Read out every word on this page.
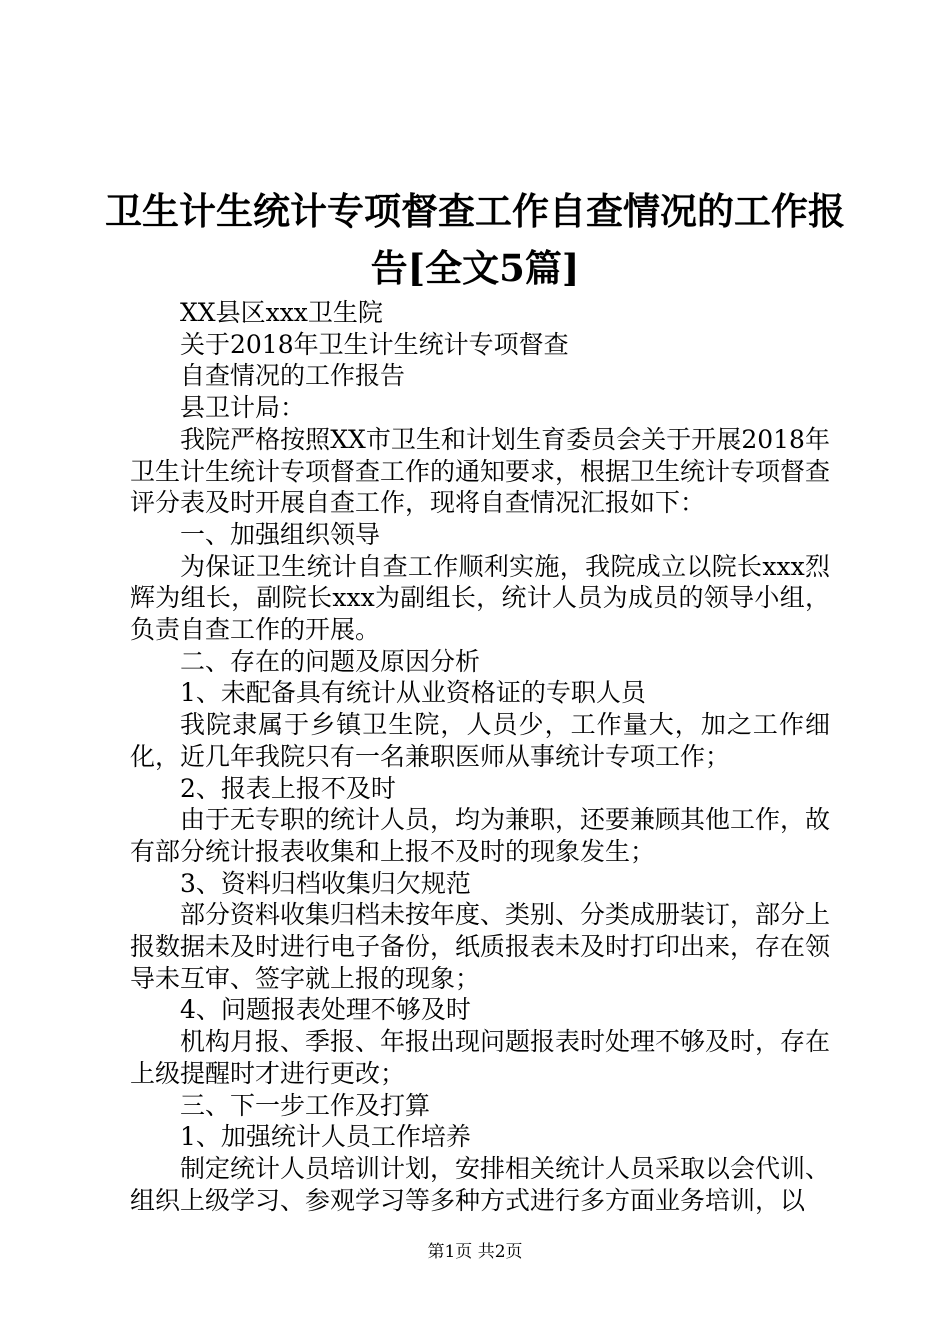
卫生计生统计专项督查工作自查情况的工作报
告[全文5篇]

XX县区xxx卫生院

关于2018年卫生计生统计专项督查

自查情况的工作报告

县卫计局：

我院严格按照XX市卫生和计划生育委员会关于开展2018年卫生计生统计专项督查工作的通知要求，根据卫生统计专项督查评分表及时开展自查工作，现将自查情况汇报如下：

一、加强组织领导

为保证卫生统计自查工作顺利实施，我院成立以院长xxx烈辉为组长，副院长xxx为副组长，统计人员为成员的领导小组，负责自查工作的开展。

二、存在的问题及原因分析

1、未配备具有统计从业资格证的专职人员

我院隶属于乡镇卫生院，人员少，工作量大，加之工作细化，近几年我院只有一名兼职医师从事统计专项工作；

2、报表上报不及时

由于无专职的统计人员，均为兼职，还要兼顾其他工作，故有部分统计报表收集和上报不及时的现象发生；

3、资料归档收集归欠规范

部分资料收集归档未按年度、类别、分类成册装订，部分上报数据未及时进行电子备份，纸质报表未及时打印出来，存在领导未互审、签字就上报的现象；

4、问题报表处理不够及时

机构月报、季报、年报出现问题报表时处理不够及时，存在上级提醒时才进行更改；

三、下一步工作及打算

1、加强统计人员工作培养

制定统计人员培训计划，安排相关统计人员采取以会代训、组织上级学习、参观学习等多种方式进行多方面业务培训，以

第1页 共2页
